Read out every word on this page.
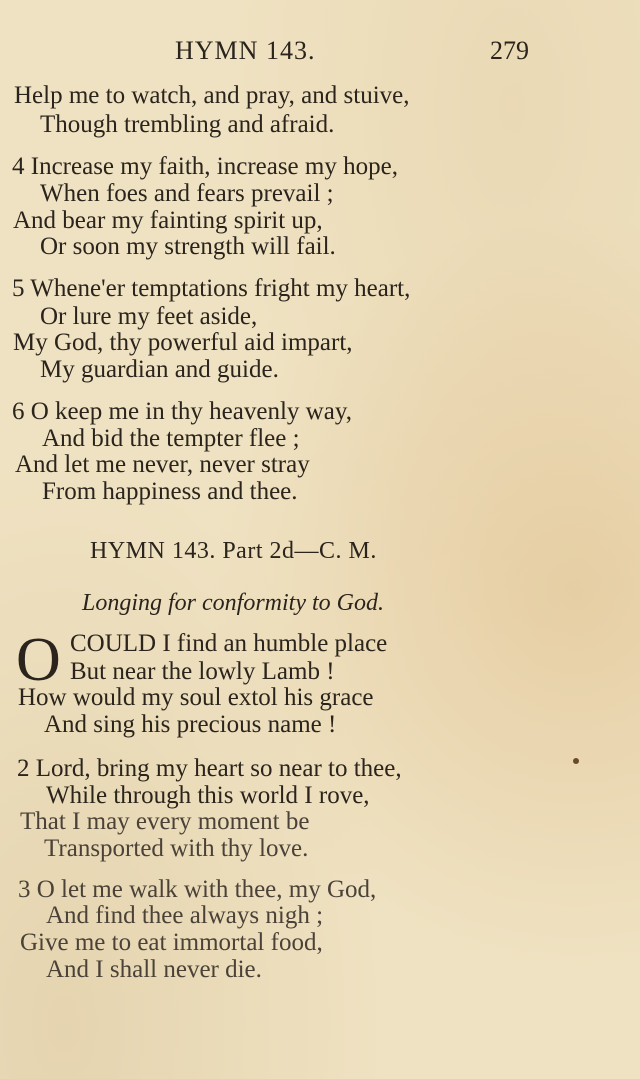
HYMN 143.	279
Help me to watch, and pray, and stuive,
Though trembling and afraid.
4 Increase my faith, increase my hope,
When foes and fears prevail ;
And bear my fainting spirit up,
Or soon my strength will fail.
5 Whene'er temptations fright my heart,
Or lure my feet aside,
My God, thy powerful aid impart,
My guardian and guide.
6 O keep me in thy heavenly way,
And bid the tempter flee ;
And let me never, never stray
From happiness and thee.
HYMN 143. Part 2d—C. M.
Longing for conformity to God.
O COULD I find an humble place
But near the lowly Lamb !
How would my soul extol his grace
And sing his precious name !
2 Lord, bring my heart so near to thee,
While through this world I rove,
That I may every moment be
Transported with thy love.
3 O let me walk with thee, my God,
And find thee always nigh ;
Give me to eat immortal food,
And I shall never die.
